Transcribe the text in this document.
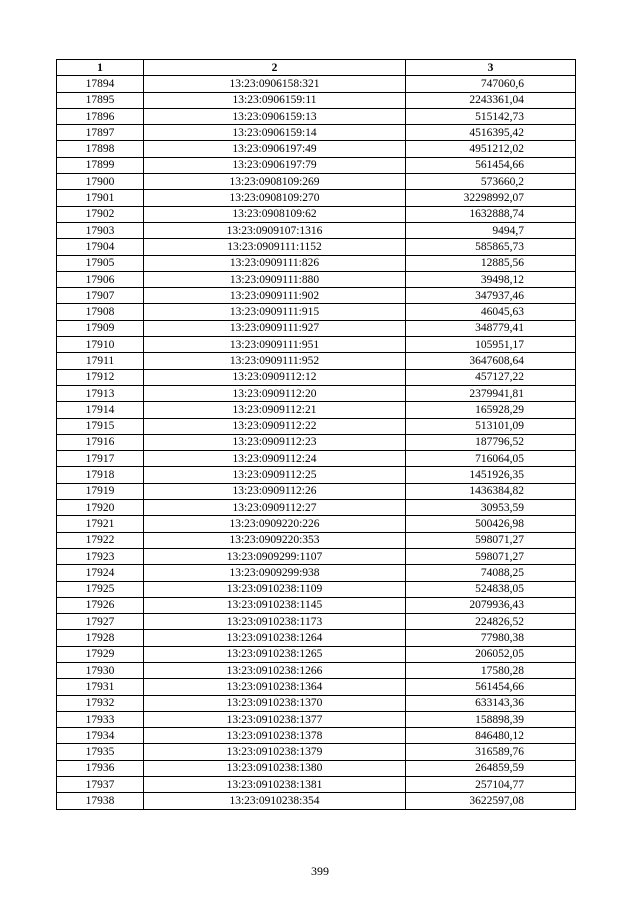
1	2	3
17894	13:23:0906158:321	747060,6
17895	13:23:0906159:11	2243361,04
17896	13:23:0906159:13	515142,73
17897	13:23:0906159:14	4516395,42
17898	13:23:0906197:49	4951212,02
17899	13:23:0906197:79	561454,66
17900	13:23:0908109:269	573660,2
17901	13:23:0908109:270	32298992,07
17902	13:23:0908109:62	1632888,74
17903	13:23:0909107:1316	9494,7
17904	13:23:0909111:1152	585865,73
17905	13:23:0909111:826	12885,56
17906	13:23:0909111:880	39498,12
17907	13:23:0909111:902	347937,46
17908	13:23:0909111:915	46045,63
17909	13:23:0909111:927	348779,41
17910	13:23:0909111:951	105951,17
17911	13:23:0909111:952	3647608,64
17912	13:23:0909112:12	457127,22
17913	13:23:0909112:20	2379941,81
17914	13:23:0909112:21	165928,29
17915	13:23:0909112:22	513101,09
17916	13:23:0909112:23	187796,52
17917	13:23:0909112:24	716064,05
17918	13:23:0909112:25	1451926,35
17919	13:23:0909112:26	1436384,82
17920	13:23:0909112:27	30953,59
17921	13:23:0909220:226	500426,98
17922	13:23:0909220:353	598071,27
17923	13:23:0909299:1107	598071,27
17924	13:23:0909299:938	74088,25
17925	13:23:0910238:1109	524838,05
17926	13:23:0910238:1145	2079936,43
17927	13:23:0910238:1173	224826,52
17928	13:23:0910238:1264	77980,38
17929	13:23:0910238:1265	206052,05
17930	13:23:0910238:1266	17580,28
17931	13:23:0910238:1364	561454,66
17932	13:23:0910238:1370	633143,36
17933	13:23:0910238:1377	158898,39
17934	13:23:0910238:1378	846480,12
17935	13:23:0910238:1379	316589,76
17936	13:23:0910238:1380	264859,59
17937	13:23:0910238:1381	257104,77
17938	13:23:0910238:354	3622597,08
399
